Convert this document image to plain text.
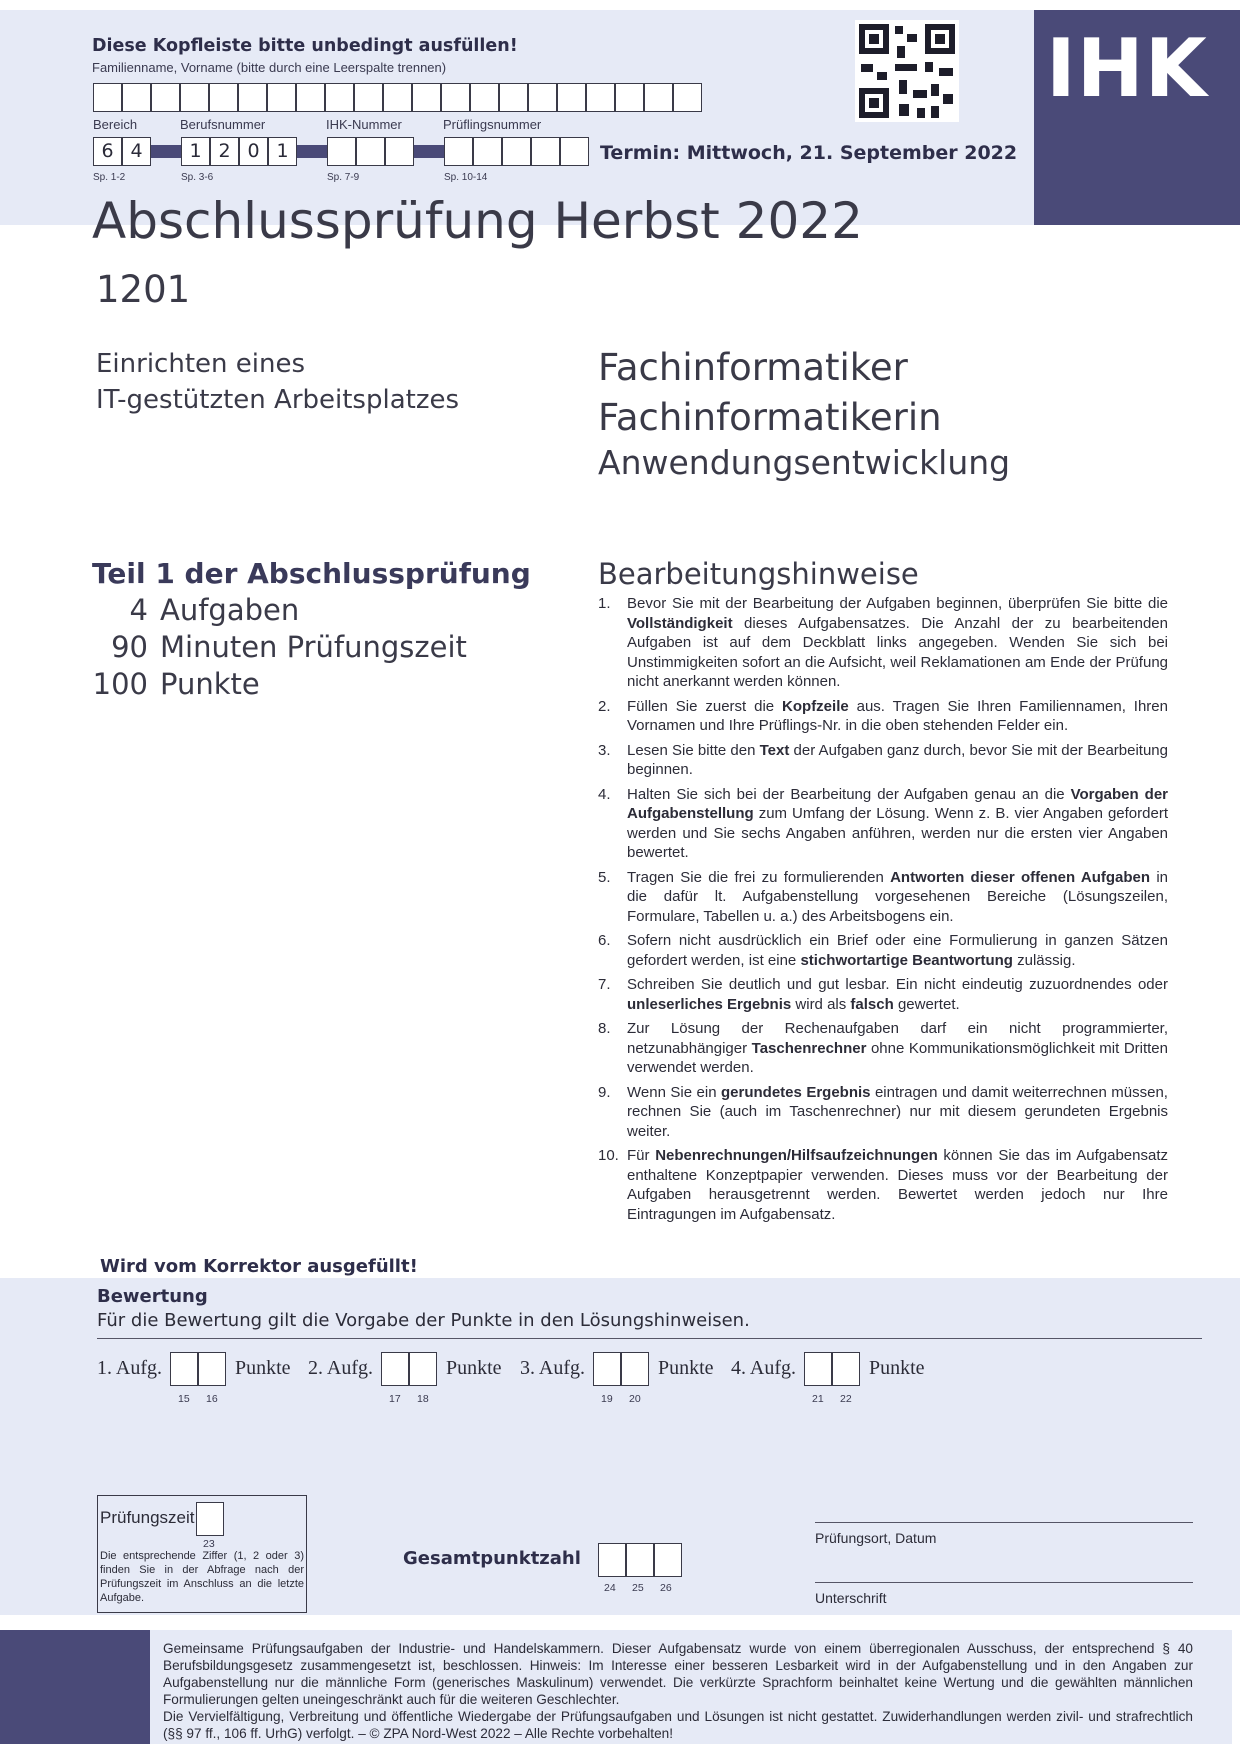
IHK
Diese Kopfleiste bitte unbedingt ausfüllen!
Familienname, Vorname (bitte durch eine Leerspalte trennen)
Bereich	Berufsnummer	IHK-Nummer	Prüflingsnummer
6 4	1 2 0 1
Sp. 1-2	Sp. 3-6	Sp. 7-9	Sp. 10-14
Termin: Mittwoch, 21. September 2022
Abschlussprüfung Herbst 2022
1201
Einrichten eines
IT-gestützten Arbeitsplatzes
Fachinformatiker
Fachinformatikerin
Anwendungsentwicklung
Teil 1 der Abschlussprüfung
4 Aufgaben
90 Minuten Prüfungszeit
100 Punkte
Bearbeitungshinweise
1. Bevor Sie mit der Bearbeitung der Aufgaben beginnen, überprüfen Sie bitte die Vollständigkeit dieses Aufgabensatzes. Die Anzahl der zu bearbeitenden Aufgaben ist auf dem Deckblatt links angegeben. Wenden Sie sich bei Unstimmigkeiten sofort an die Aufsicht, weil Reklamationen am Ende der Prüfung nicht anerkannt werden können.
2. Füllen Sie zuerst die Kopfzeile aus. Tragen Sie Ihren Familiennamen, Ihren Vornamen und Ihre Prüflings-Nr. in die oben stehenden Felder ein.
3. Lesen Sie bitte den Text der Aufgaben ganz durch, bevor Sie mit der Bearbeitung beginnen.
4. Halten Sie sich bei der Bearbeitung der Aufgaben genau an die Vorgaben der Aufgabenstellung zum Umfang der Lösung. Wenn z. B. vier Angaben gefordert werden und Sie sechs Angaben anführen, werden nur die ersten vier Angaben bewertet.
5. Tragen Sie die frei zu formulierenden Antworten dieser offenen Aufgaben in die dafür lt. Aufgabenstellung vorgesehenen Bereiche (Lösungszeilen, Formulare, Tabellen u. a.) des Arbeitsbogens ein.
6. Sofern nicht ausdrücklich ein Brief oder eine Formulierung in ganzen Sätzen gefordert werden, ist eine stichwortartige Beantwortung zulässig.
7. Schreiben Sie deutlich und gut lesbar. Ein nicht eindeutig zuzuordnendes oder unleserliches Ergebnis wird als falsch gewertet.
8. Zur Lösung der Rechenaufgaben darf ein nicht programmierter, netzunabhängiger Taschenrechner ohne Kommunikationsmöglichkeit mit Dritten verwendet werden.
9. Wenn Sie ein gerundetes Ergebnis eintragen und damit weiterrechnen müssen, rechnen Sie (auch im Taschenrechner) nur mit diesem gerundeten Ergebnis weiter.
10. Für Nebenrechnungen/Hilfsaufzeichnungen können Sie das im Aufgabensatz enthaltene Konzeptpapier verwenden. Dieses muss vor der Bearbeitung der Aufgaben herausgetrennt werden. Bewertet werden jedoch nur Ihre Eintragungen im Aufgabensatz.
Wird vom Korrektor ausgefüllt!
Bewertung
Für die Bewertung gilt die Vorgabe der Punkte in den Lösungshinweisen.
1. Aufg.
15 16
Punkte 2. Aufg.
17 18
Punkte 3. Aufg.
19 20
Punkte 4. Aufg.
21 22
Punkte
Prüfungszeit
23
Die entsprechende Ziffer (1, 2 oder 3) finden Sie in der Abfrage nach der Prüfungszeit im Anschluss an die letzte Aufgabe.
Gesamtpunktzahl
24 25 26
Prüfungsort, Datum
Unterschrift
Gemeinsame Prüfungsaufgaben der Industrie- und Handelskammern. Dieser Aufgabensatz wurde von einem überregionalen Ausschuss, der entsprechend § 40 Berufsbildungsgesetz zusammengesetzt ist, beschlossen. Hinweis: Im Interesse einer besseren Lesbarkeit wird in der Aufgabenstellung und in den Angaben zur Aufgabenstellung nur die männliche Form (generisches Maskulinum) verwendet. Die verkürzte Sprachform beinhaltet keine Wertung und die gewählten männlichen Formulierungen gelten uneingeschränkt auch für die weiteren Geschlechter.
Die Vervielfältigung, Verbreitung und öffentliche Wiedergabe der Prüfungsaufgaben und Lösungen ist nicht gestattet. Zuwiderhandlungen werden zivil- und strafrechtlich (§§ 97 ff., 106 ff. UrhG) verfolgt. – © ZPA Nord-West 2022 – Alle Rechte vorbehalten!
